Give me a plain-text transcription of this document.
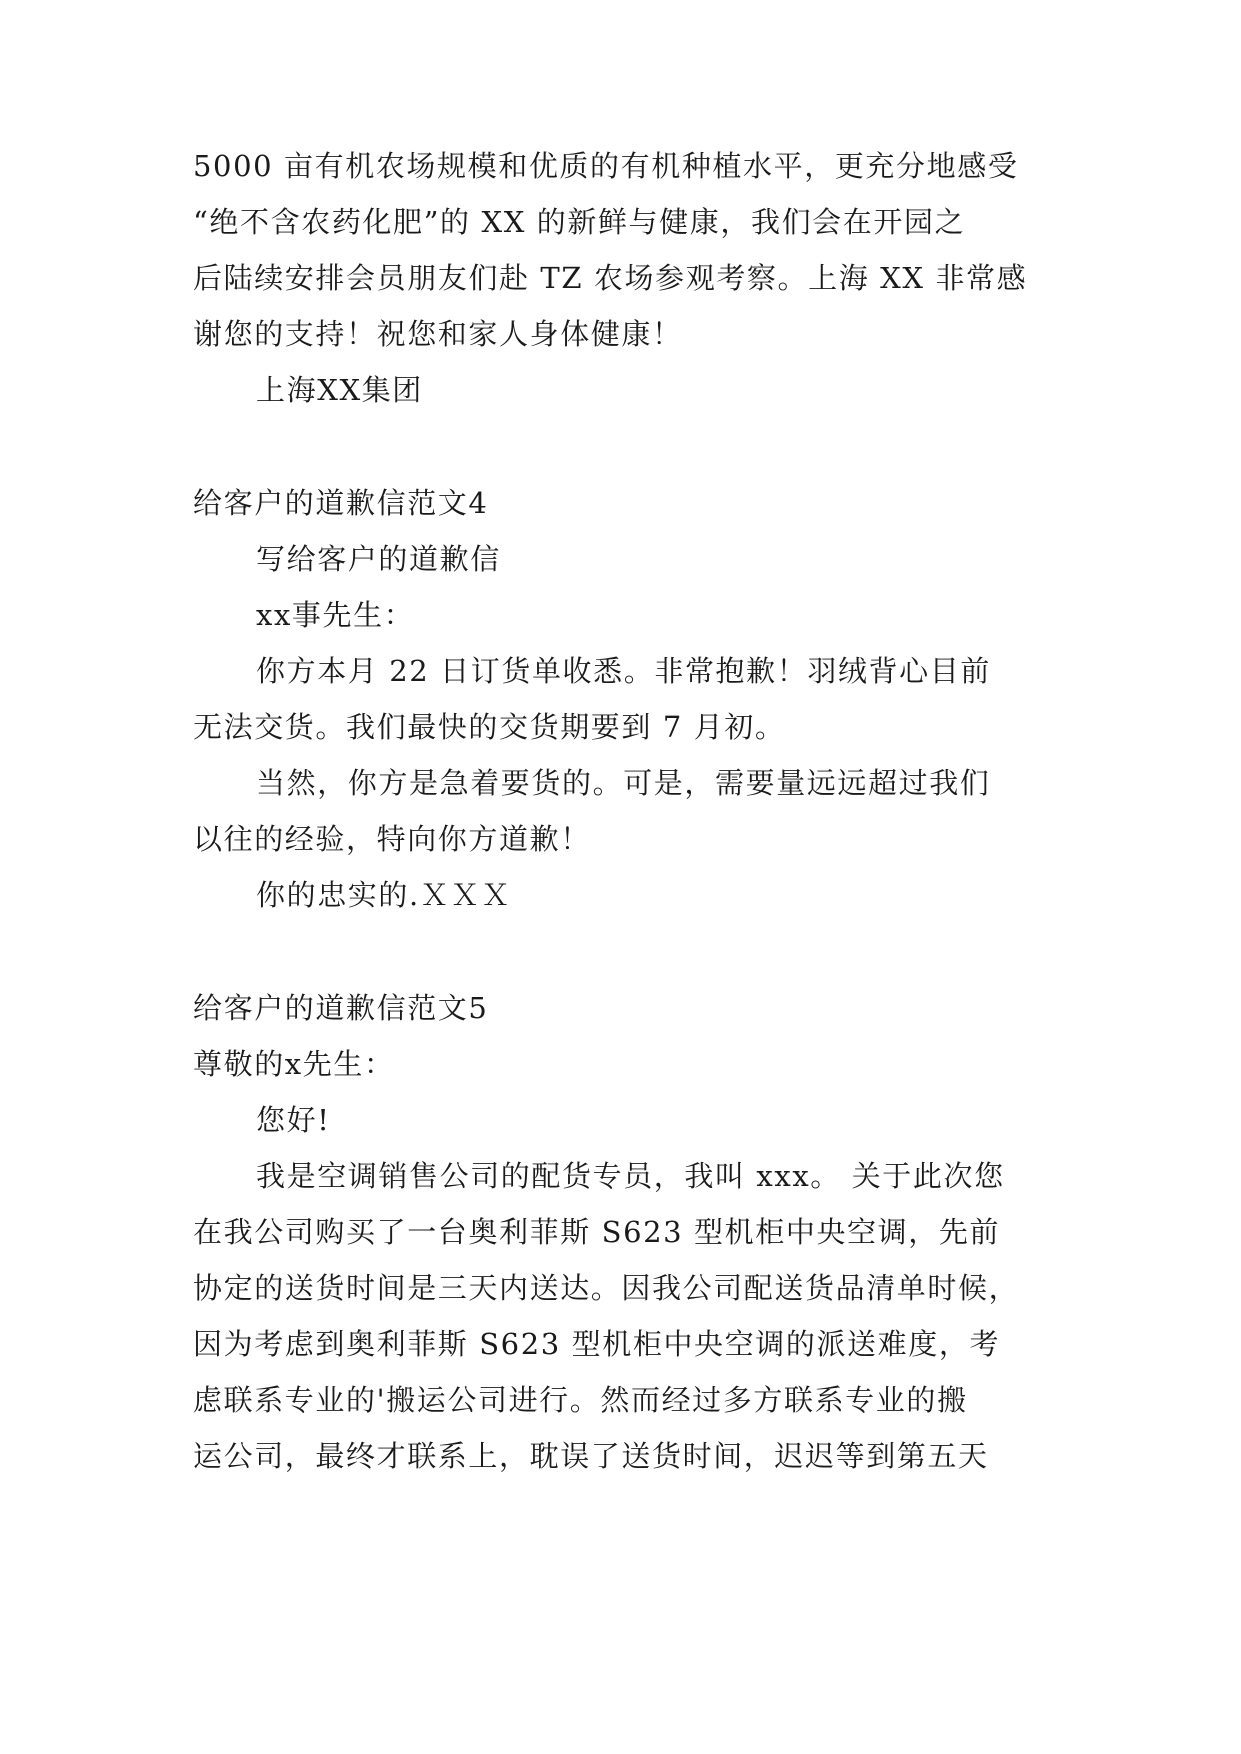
5000 亩有机农场规模和优质的有机种植水平，更充分地感受
“绝不含农药化肥”的 XX 的新鲜与健康，我们会在开园之
后陆续安排会员朋友们赴 TZ 农场参观考察。上海 XX 非常感
谢您的支持！祝您和家人身体健康！
上海XX集团
给客户的道歉信范文4
写给客户的道歉信
xx事先生：
你方本月 22 日订货单收悉。非常抱歉！羽绒背心目前
无法交货。我们最快的交货期要到 7 月初。
当然，你方是急着要货的。可是，需要量远远超过我们
以往的经验，特向你方道歉！
你的忠实的.ＸＸＸ
给客户的道歉信范文5
尊敬的x先生：
您好!
我是空调销售公司的配货专员，我叫 xxx。 关于此次您
在我公司购买了一台奥利菲斯 S623 型机柜中央空调，先前
协定的送货时间是三天内送达。因我公司配送货品清单时候，
因为考虑到奥利菲斯 S623 型机柜中央空调的派送难度，考
虑联系专业的'搬运公司进行。然而经过多方联系专业的搬
运公司，最终才联系上，耽误了送货时间，迟迟等到第五天
